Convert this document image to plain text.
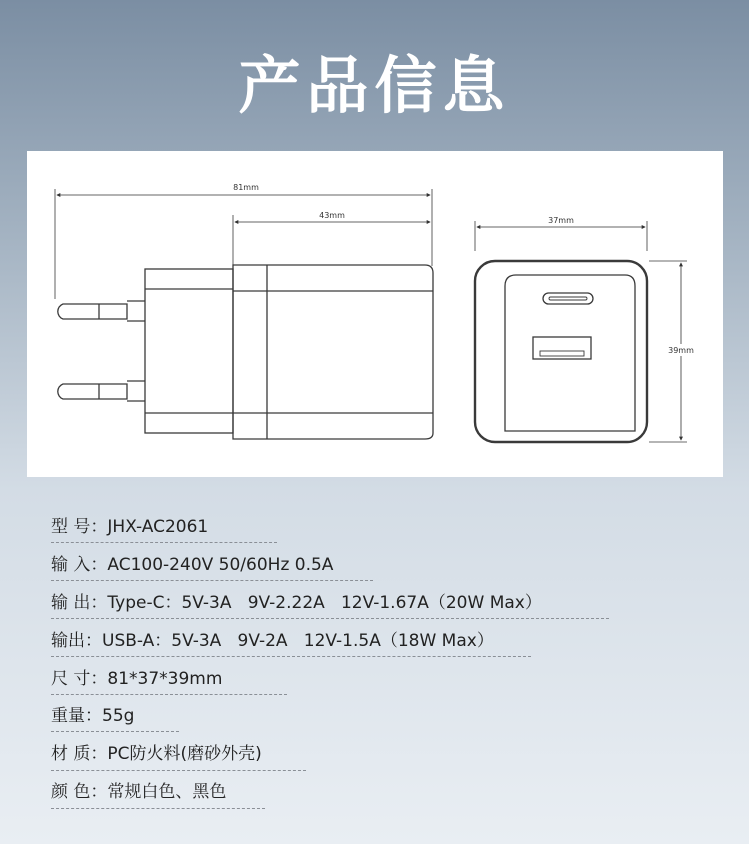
产品信息
81mm
43mm
37mm
39mm
型 号：JHX-AC2061
输 入：AC100-240V 50/60Hz 0.5A
输 出：Type-C：5V-3A   9V-2.22A   12V-1.67A（20W Max）
输出：USB-A：5V-3A   9V-2A   12V-1.5A（18W Max）
尺 寸：81*37*39mm
重量：55g
材 质：PC防火料(磨砂外壳)
颜 色：常规白色、黑色
